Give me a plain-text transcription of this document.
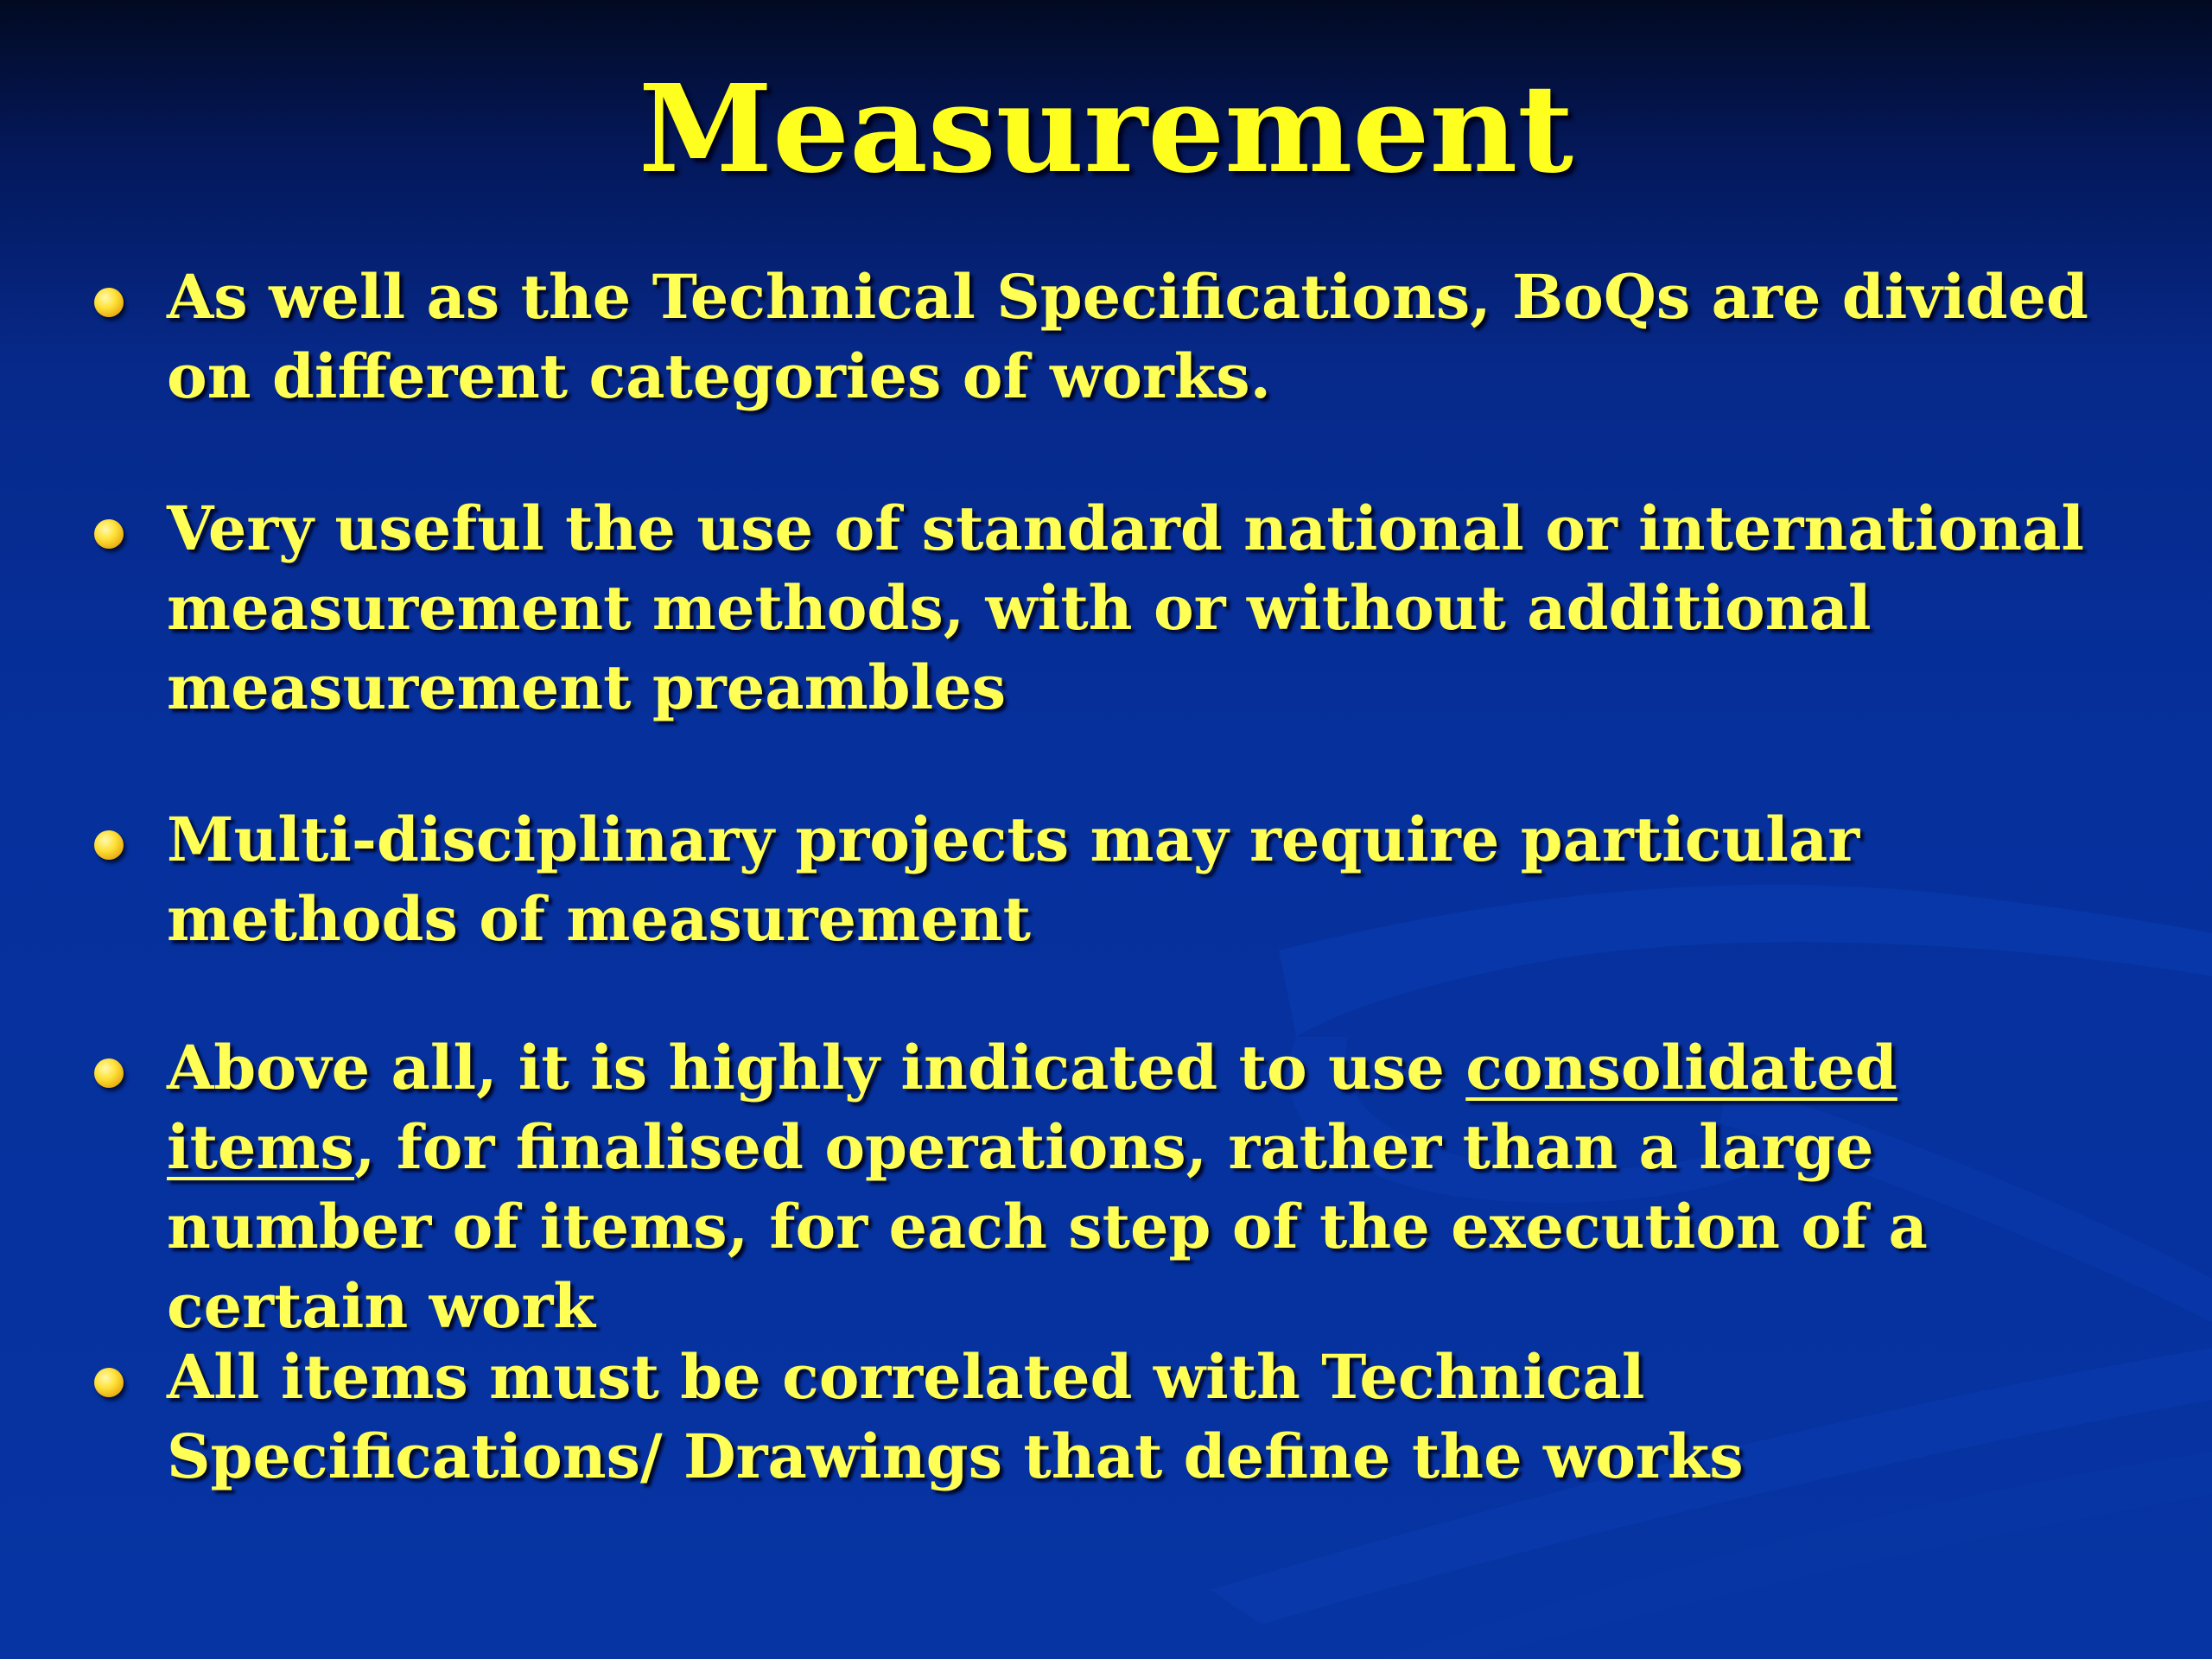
Measurement
As well as the Technical Specifications, BoQs are divided on different categories of works.
Very useful the use of standard national or international measurement methods, with or without additional measurement preambles
Multi-disciplinary projects may require particular methods of measurement
Above all, it is highly indicated to use consolidated items, for finalised operations, rather than a large number of items, for each step of the execution of a certain work
All items must be correlated with Technical Specifications/ Drawings that define the works
